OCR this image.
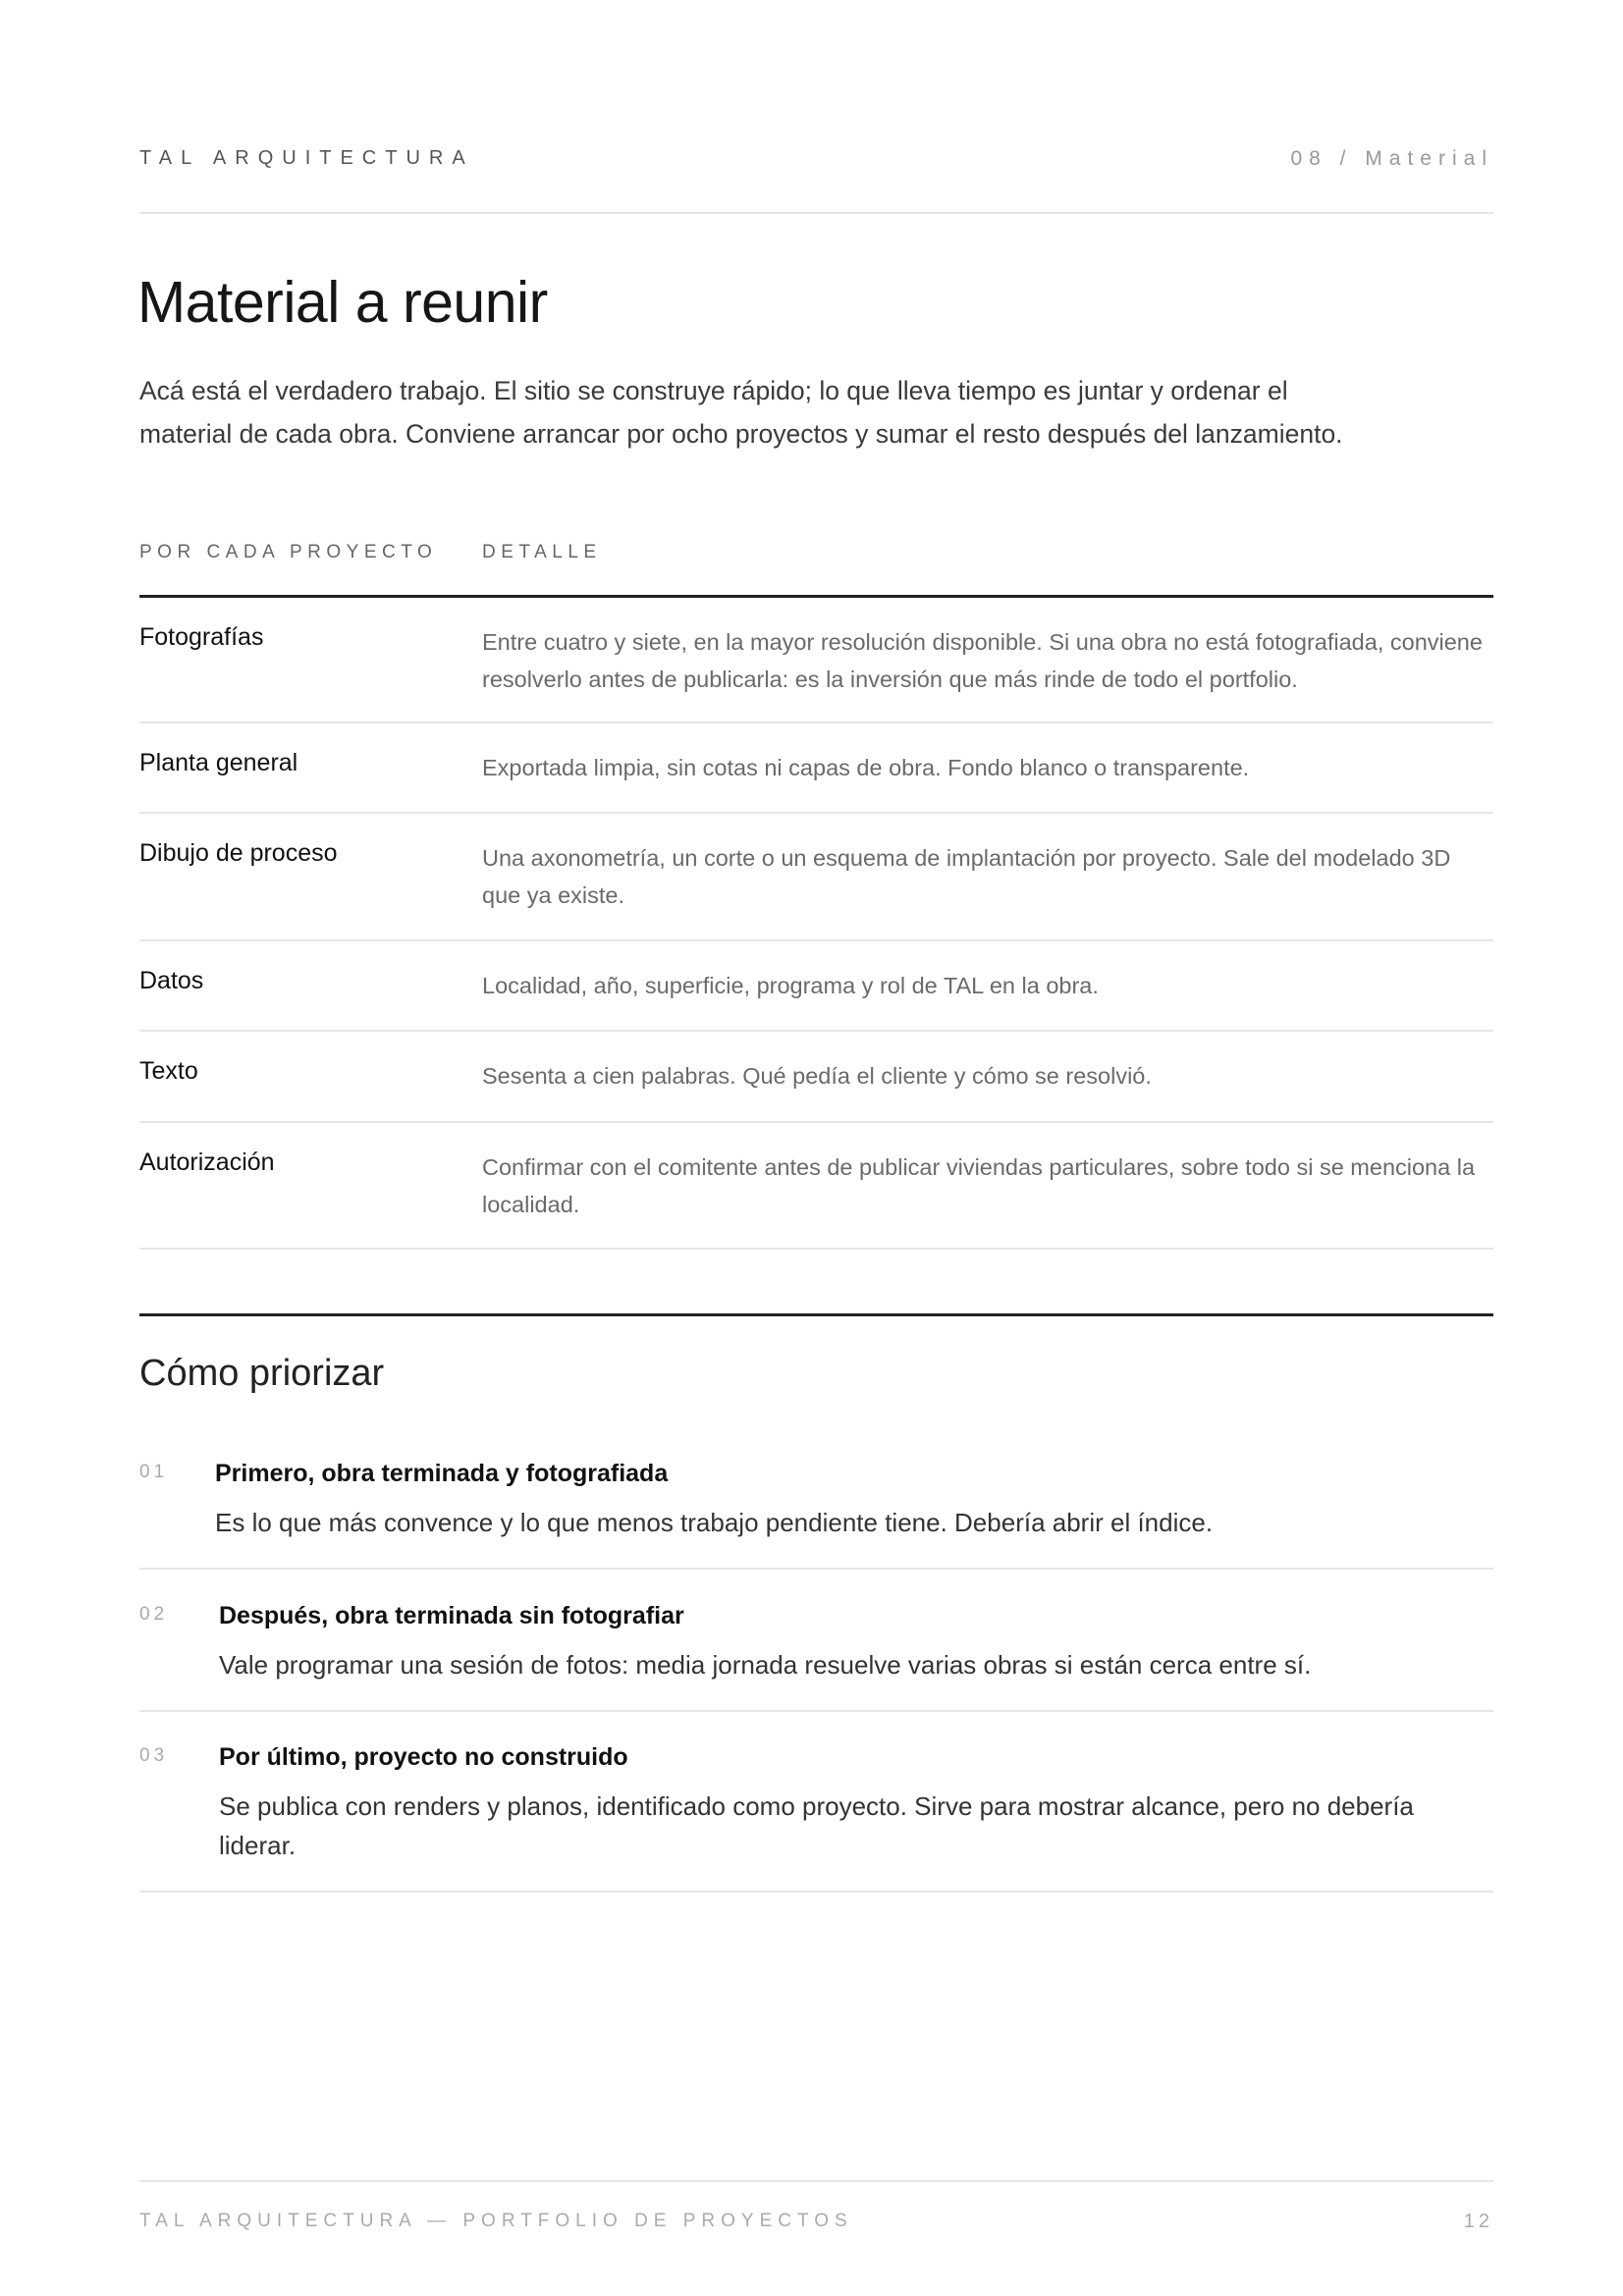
TAL ARQUITECTURA	08 / Material
Material a reunir

Acá está el verdadero trabajo. El sitio se construye rápido; lo que lleva tiempo es juntar y ordenar el material de cada obra. Conviene arrancar por ocho proyectos y sumar el resto después del lanzamiento.

POR CADA PROYECTO DETALLE
Fotografías	Entre cuatro y siete, en la mayor resolución disponible. Si una obra no está fotografiada, conviene resolverlo antes de publicarla: es la inversión que más rinde de todo el portfolio.
Planta general	Exportada limpia, sin cotas ni capas de obra. Fondo blanco o transparente.
Dibujo de proceso	Una axonometría, un corte o un esquema de implantación por proyecto. Sale del modelado 3D que ya existe.
Datos	Localidad, año, superficie, programa y rol de TAL en la obra.
Texto	Sesenta a cien palabras. Qué pedía el cliente y cómo se resolvió.
Autorización	Confirmar con el comitente antes de publicar viviendas particulares, sobre todo si se menciona la localidad.
Cómo priorizar
01 Primero, obra terminada y fotografiada
Es lo que más convence y lo que menos trabajo pendiente tiene. Debería abrir el índice.
02 Después, obra terminada sin fotografiar
Vale programar una sesión de fotos: media jornada resuelve varias obras si están cerca entre sí.
03 Por último, proyecto no construido
Se publica con renders y planos, identificado como proyecto. Sirve para mostrar alcance, pero no debería liderar.
TAL ARQUITECTURA — PORTFOLIO DE PROYECTOS	12
